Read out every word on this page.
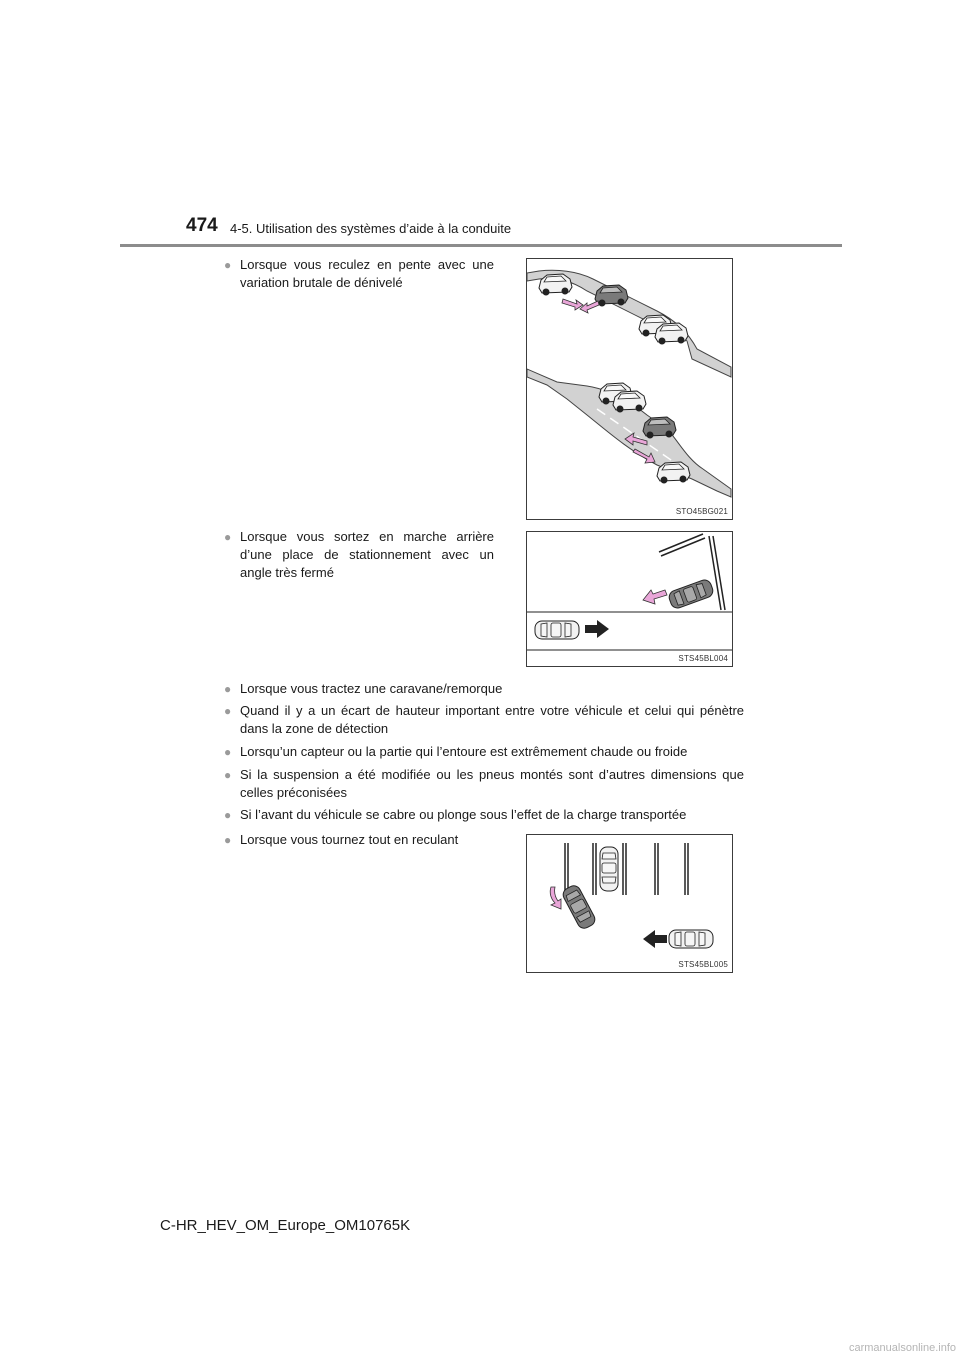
474 4-5. Utilisation des systèmes d’aide à la conduite
● Lorsque vous reculez en pente avec une variation brutale de dénivelé
STO45BG021
● Lorsque vous sortez en marche arrière d’une place de stationnement avec un angle très fermé
STS45BL004
● Lorsque vous tractez une caravane/remorque
● Quand il y a un écart de hauteur important entre votre véhicule et celui qui pénètre dans la zone de détection
● Lorsqu’un capteur ou la partie qui l’entoure est extrêmement chaude ou froide
● Si la suspension a été modifiée ou les pneus montés sont d’autres dimensions que celles préconisées
● Si l’avant du véhicule se cabre ou plonge sous l’effet de la charge transportée
● Lorsque vous tournez tout en reculant
STS45BL005
C-HR_HEV_OM_Europe_OM10765K
carmanualsonline.info
